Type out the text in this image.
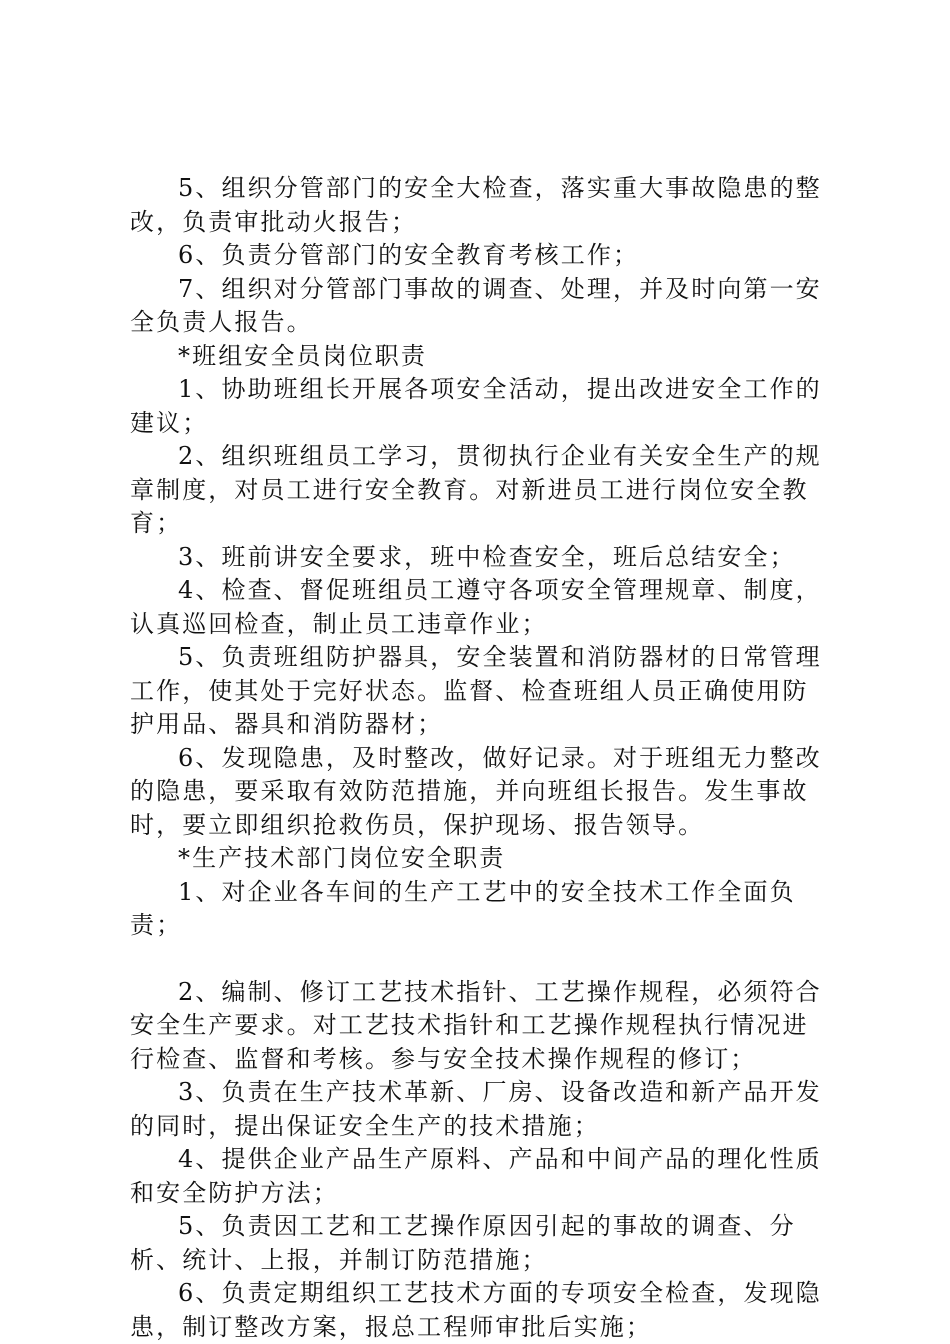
5、组织分管部门的安全大检查，落实重大事故隐患的整改，负责审批动火报告；

6、负责分管部门的安全教育考核工作；

7、组织对分管部门事故的调查、处理，并及时向第一安全负责人报告。

*班组安全员岗位职责

1、协助班组长开展各项安全活动，提出改进安全工作的建议；

2、组织班组员工学习，贯彻执行企业有关安全生产的规章制度，对员工进行安全教育。对新进员工进行岗位安全教育；

3、班前讲安全要求，班中检查安全，班后总结安全；

4、检查、督促班组员工遵守各项安全管理规章、制度，认真巡回检查，制止员工违章作业；

5、负责班组防护器具，安全装置和消防器材的日常管理工作，使其处于完好状态。监督、检查班组人员正确使用防护用品、器具和消防器材；

6、发现隐患，及时整改，做好记录。对于班组无力整改的隐患，要采取有效防范措施，并向班组长报告。发生事故时，要立即组织抢救伤员，保护现场、报告领导。

*生产技术部门岗位安全职责

1、对企业各车间的生产工艺中的安全技术工作全面负责；

2、编制、修订工艺技术指针、工艺操作规程，必须符合安全生产要求。对工艺技术指针和工艺操作规程执行情况进行检查、监督和考核。参与安全技术操作规程的修订；

3、负责在生产技术革新、厂房、设备改造和新产品开发的同时，提出保证安全生产的技术措施；

4、提供企业产品生产原料、产品和中间产品的理化性质和安全防护方法；

5、负责因工艺和工艺操作原因引起的事故的调查、分析、统计、上报，并制订防范措施；

6、负责定期组织工艺技术方面的专项安全检查，发现隐患，制订整改方案，报总工程师审批后实施；
